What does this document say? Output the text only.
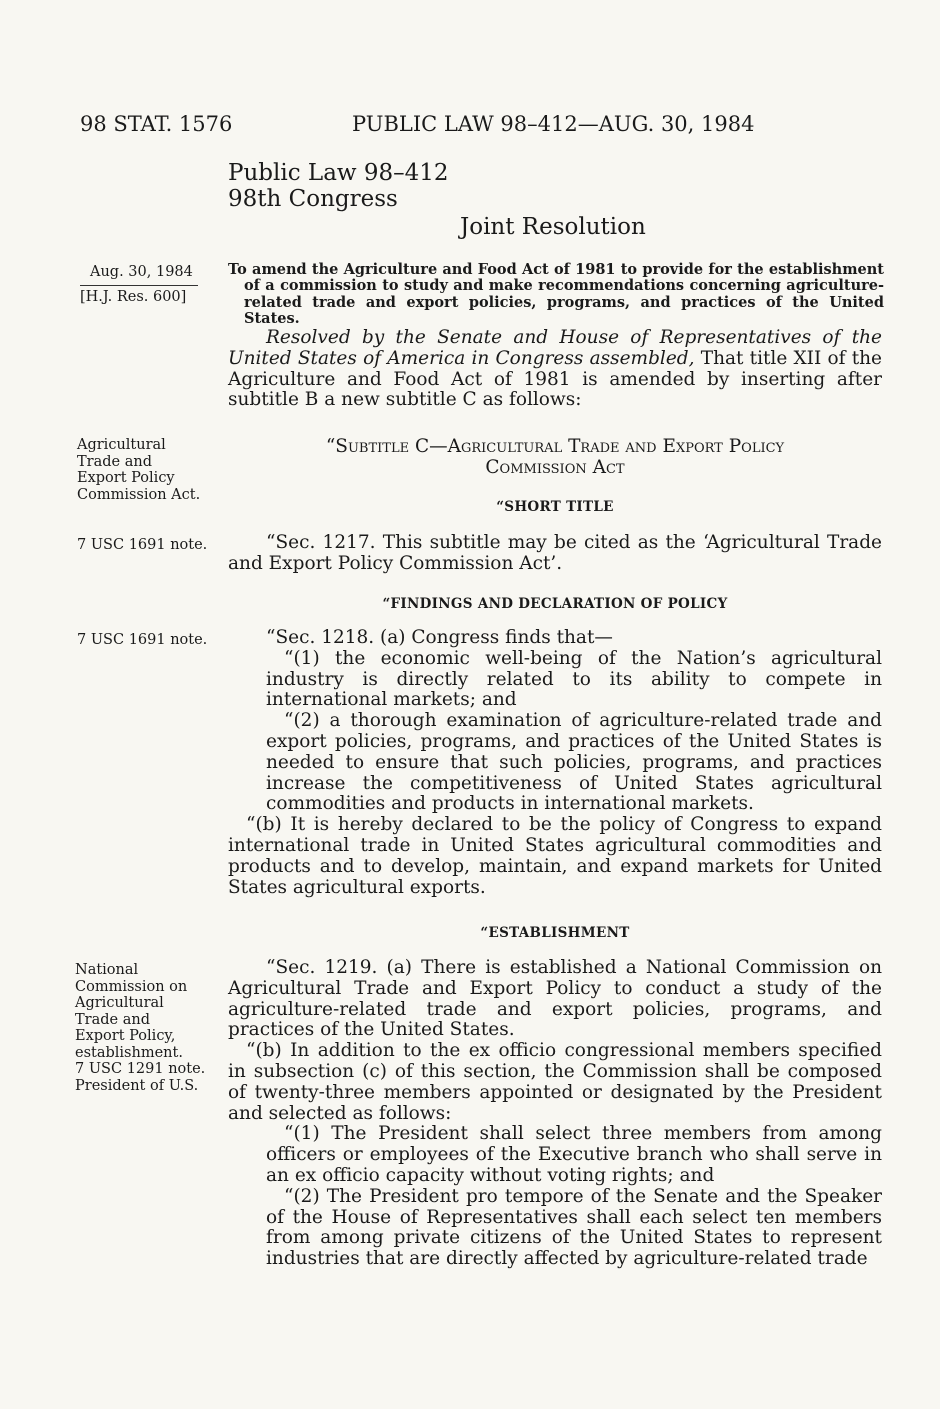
98 STAT. 1576	PUBLIC LAW 98–412—AUG. 30, 1984
Public Law 98–412
98th Congress
Joint Resolution
Aug. 30, 1984
[H.J. Res. 600]
To amend the Agriculture and Food Act of 1981 to provide for the establishment of a commission to study and make recommendations concerning agriculture-related trade and export policies, programs, and practices of the United States.

Resolved by the Senate and House of Representatives of the United States of America in Congress assembled, That title XII of the Agriculture and Food Act of 1981 is amended by inserting after subtitle B a new subtitle C as follows:

Agricultural
Trade and
Export Policy
Commission Act.
“Subtitle C—Agricultural Trade and Export Policy
Commission Act
“SHORT TITLE
7 USC 1691 note.	“Sec. 1217. This subtitle may be cited as the ‘Agricultural Trade and Export Policy Commission Act’.

“FINDINGS AND DECLARATION OF POLICY
7 USC 1691 note.	“Sec. 1218. (a) Congress finds that—

“(1) the economic well-being of the Nation’s agricultural industry is directly related to its ability to compete in international markets; and

“(2) a thorough examination of agriculture-related trade and export policies, programs, and practices of the United States is needed to ensure that such policies, programs, and practices increase the competitiveness of United States agricultural commodities and products in international markets.

“(b) It is hereby declared to be the policy of Congress to expand international trade in United States agricultural commodities and products and to develop, maintain, and expand markets for United States agricultural exports.

“ESTABLISHMENT
National
Commission on
Agricultural
Trade and
Export Policy,
establishment.
7 USC 1291 note.
President of U.S.

“Sec. 1219. (a) There is established a National Commission on Agricultural Trade and Export Policy to conduct a study of the agriculture-related trade and export policies, programs, and practices of the United States.

“(b) In addition to the ex officio congressional members specified in subsection (c) of this section, the Commission shall be composed of twenty-three members appointed or designated by the President and selected as follows:

“(1) The President shall select three members from among officers or employees of the Executive branch who shall serve in an ex officio capacity without voting rights; and

“(2) The President pro tempore of the Senate and the Speaker of the House of Representatives shall each select ten members from among private citizens of the United States to represent industries that are directly affected by agriculture-related trade
